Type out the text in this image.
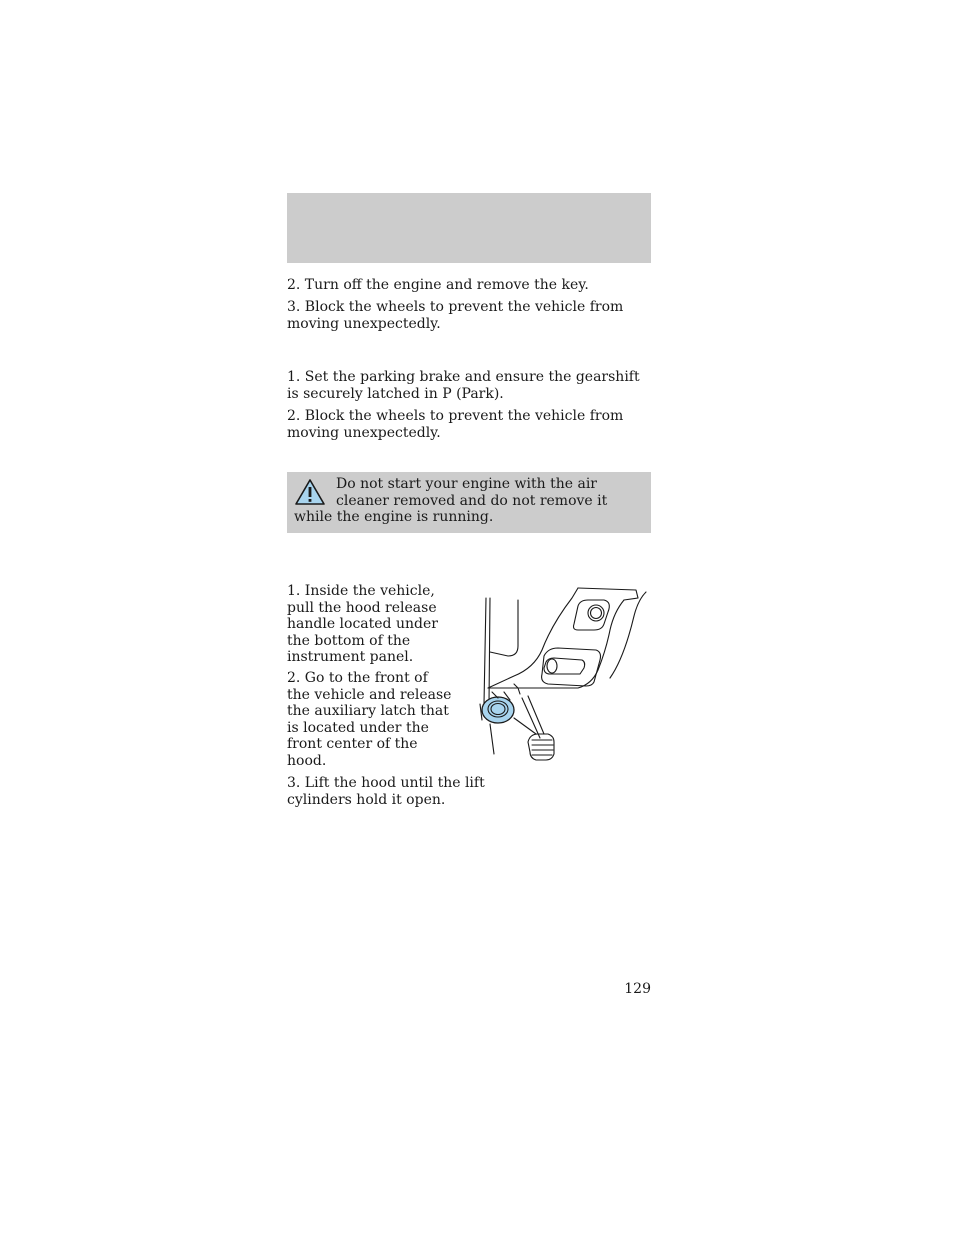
2. Turn off the engine and remove the key.

3. Block the wheels to prevent the vehicle from moving unexpectedly.

1. Set the parking brake and ensure the gearshift is securely latched in P (Park).

2. Block the wheels to prevent the vehicle from moving unexpectedly.

Do not start your engine with the air cleaner removed and do not remove it while the engine is running.

1. Inside the vehicle, pull the hood release handle located under the bottom of the instrument panel.

2. Go to the front of the vehicle and release the auxiliary latch that is located under the front center of the hood.

3. Lift the hood until the lift cylinders hold it open.

129
